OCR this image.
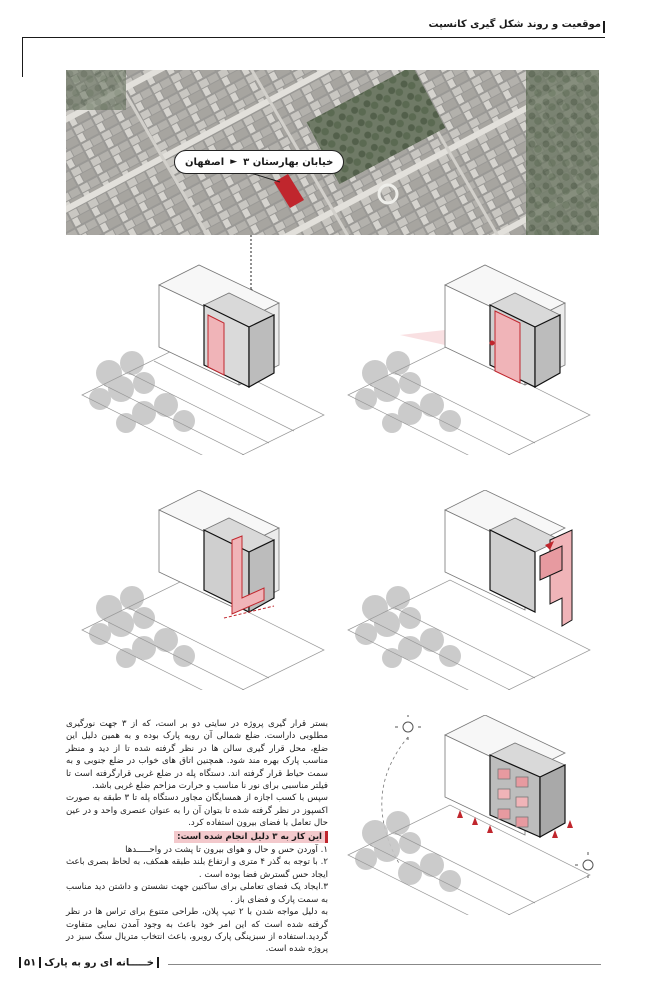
موقعیت و روند شکل گیری کانسپت
خیابان بهارستان ۳
►
اصفهان

بستر قرار گیری پروژه در سایتی دو بر است، که از ۳ جهت نورگیری مطلوبی داراست. ضلع شمالی آن روبه پارک بوده و به همین دلیل این ضلع، محل قرار گیری سالن ها در نظر گرفته شده تا از دید و منظر مناسب پارک بهره مند شود. همچنین اتاق های خواب در ضلع جنوبی و به سمت حیاط قرار گرفته اند. دستگاه پله در ضلع غربی قرارگرفته است تا فیلتر مناسبی برای نور نا مناسب و حرارت مزاحم ضلع غربی باشد.

سپس با کسب اجازه از همسایگان مجاور دستگاه پله تا ۳ طبقه به صورت اکسپوز در نظر گرفته شده تا بتوان آن را به عنوان عنصری واحد و در عین حال تعامل با فضای بیرون استفاده کرد.

این کار به ۳ دلیل انجام شده است:

۱. آوردن حس و حال و هوای بیرون تا پشت در واحـــــدها

۲. با توجه به گذر ۴ متری و ارتفاع بلند طبقه همکف، به لحاظ بصری باعث ایجاد حس گسترش فضا بوده است .

۳.ایجاد یک فضای تعاملی برای ساکنین جهت نشستن و داشتن دید مناسب به سمت پارک و فضای باز .

به دلیل مواجه شدن با ۲ تیپ پلان، طراحی متنوع برای تراس ها در نظر گرفته شده است که این امر خود باعث به وجود آمدن نمایی متفاوت گردید.استفاده از سبزینگی پارک روبرو، باعث انتخاب متریال سنگ سبز در پروژه شده است.

خـــــانه ای رو به پارک۵۱
